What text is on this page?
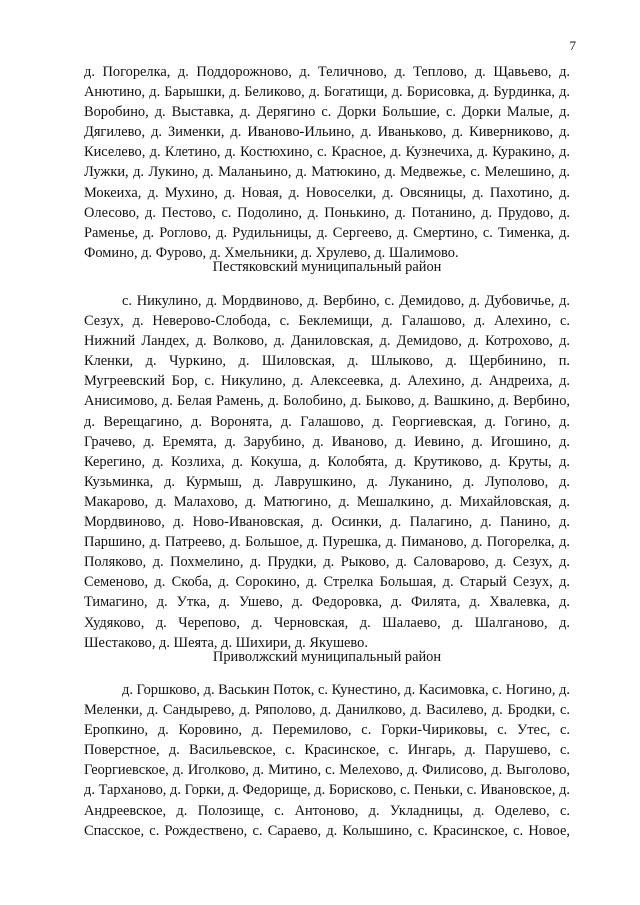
7

д. Погорелка, д. Поддорожново, д. Теличново, д. Теплово, д. Щавьево, д. Анютино, д. Барышки, д. Беликово, д. Богатищи, д. Борисовка, д. Бурдинка, д. Воробино, д. Выставка, д. Дерягино с. Дорки Большие, с. Дорки Малые, д. Дягилево, д. Зименки, д. Иваново-Ильино, д. Иваньково, д. Киверниково, д. Киселево, д. Клетино, д. Костюхино, с. Красное, д. Кузнечиха, д. Куракино, д. Лужки, д. Лукино, д. Маланьино, д. Матюкино, д. Медвежье, с. Мелешино, д. Мокеиха, д. Мухино, д. Новая, д. Новоселки, д. Овсяницы, д. Пахотино, д. Олесово, д. Пестово, с. Подолино, д. Понькино, д. Потанино, д. Прудово, д. Раменье, д. Роглово, д. Рудильницы, д. Сергеево, д. Смертино, с. Тименка, д. Фомино, д. Фурово, д. Хмельники, д. Хрулево, д. Шалимово.

Пестяковский муниципальный район

с. Никулино, д. Мордвиново, д. Вербино, с. Демидово, д. Дубовичье, д. Сезух, д. Неверово-Слобода, с. Беклемищи, д. Галашово, д. Алехино, с. Нижний Ландех, д. Волково, д. Даниловская, д. Демидово, д. Котрохово, д. Кленки, д. Чуркино, д. Шиловская, д. Шлыково, д. Щербинино, п. Мугреевский Бор, с. Никулино, д. Алексеевка, д. Алехино, д. Андреиха, д. Анисимово, д. Белая Рамень, д. Болобино, д. Быково, д. Вашкино, д. Вербино, д. Верещагино, д. Воронята, д. Галашово, д. Георгиевская, д. Гогино, д. Грачево, д. Еремята, д. Зарубино, д. Иваново, д. Иевино, д. Игошино, д. Керегино, д. Козлиха, д. Кокуша, д. Колобята, д. Крутиково, д. Круты, д. Кузьминка, д. Курмыш, д. Лаврушкино, д. Луканино, д. Луполово, д. Макарово, д. Малахово, д. Матюгино, д. Мешалкино, д. Михайловская, д. Мордвиново, д. Ново-Ивановская, д. Осинки, д. Палагино, д. Панино, д. Паршино, д. Патреево, д. Большое, д. Пурешка, д. Пиманово, д. Погорелка, д. Поляково, д. Похмелино, д. Прудки, д. Рыково, д. Саловарово, д. Сезух, д. Семеново, д. Скоба, д. Сорокино, д. Стрелка Большая, д. Старый Сезух, д. Тимагино, д. Утка, д. Ушево, д. Федоровка, д. Филята, д. Хвалевка, д. Худяково, д. Черепово, д. Черновская, д. Шалаево, д. Шалганово, д. Шестаково, д. Шеята, д. Шихири, д. Якушево.

Приволжский муниципальный район

д. Горшково, д. Васькин Поток, с. Кунестино, д. Касимовка, с. Ногино, д. Меленки, д. Сандырево, д. Ряполово, д. Данилково, д. Василево, д. Бродки, с. Еропкино, д. Коровино, д. Перемилово, с. Горки-Чириковы, с. Утес, с. Поверстное, д. Васильевское, с. Красинское, с. Ингарь, д. Парушево, с. Георгиевское, д. Иголково, д. Митино, с. Мелехово, д. Филисово, д. Выголово, д. Тарханово, д. Горки, д. Федорище, д. Борисково, с. Пеньки, с. Ивановское, д. Андреевское, д. Полозище, с. Антоново, д. Укладницы, д. Оделево, с. Спасское, с. Рождествено, с. Сараево, д. Колышино, с. Красинское, с. Новое,
